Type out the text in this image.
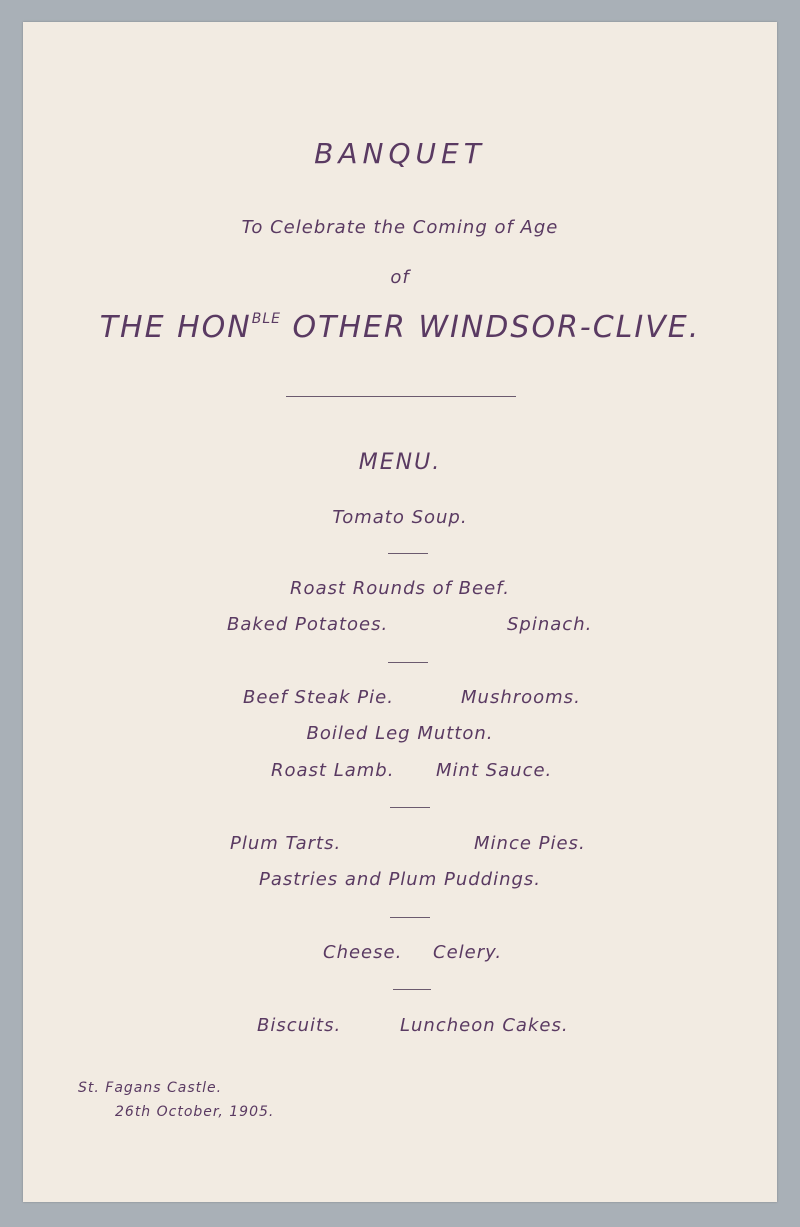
BANQUET
To Celebrate the Coming of Age
of
THE $HON^{BLE}$ OTHER WINDSOR-CLIVE.
MENU.
Tomato Soup.
Roast Rounds of Beef.
Baked Potatoes.	Spinach.
Beef Steak Pie.	Mushrooms.
Boiled Leg Mutton.
Roast Lamb. Mint Sauce.
Plum Tarts.	Mince Pies.
Pastries and Plum Puddings.
Cheese. Celery.
Biscuits.	Luncheon Cakes.
St. Fagans Castle.
26th October, 1905.
